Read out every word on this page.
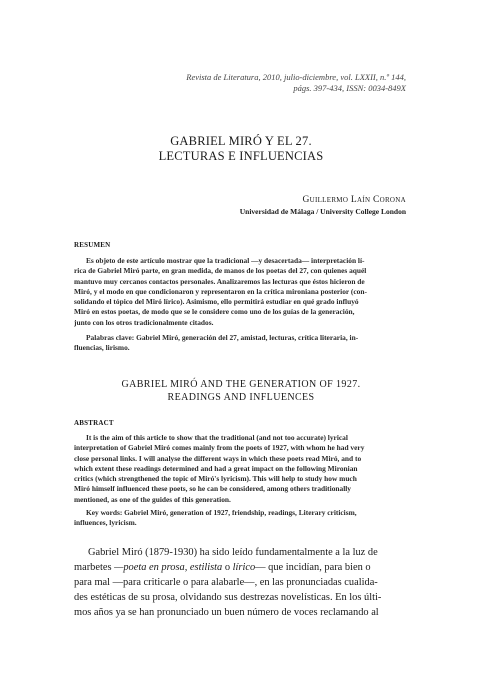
Revista de Literatura, 2010, julio-diciembre, vol. LXXII, n.º 144,
págs. 397-434, ISSN: 0034-849X
GABRIEL MIRÓ Y EL 27.
LECTURAS E INFLUENCIAS
Guillermo Laín Corona
Universidad de Málaga / University College London
RESUMEN
Es objeto de este artículo mostrar que la tradicional —y desacertada— interpretación lí-
rica de Gabriel Miró parte, en gran medida, de manos de los poetas del 27, con quienes aquél
mantuvo muy cercanos contactos personales. Analizaremos las lecturas que éstos hicieron de
Miró, y el modo en que condicionaron y representaron en la crítica mironiana posterior (con-
solidando el tópico del Miró lírico). Asimismo, ello permitirá estudiar en qué grado influyó
Miró en estos poetas, de modo que se le considere como uno de los guías de la generación,
junto con los otros tradicionalmente citados.
Palabras clave: Gabriel Miró, generación del 27, amistad, lecturas, crítica literaria, in-
fluencias, lirismo.
GABRIEL MIRÓ AND THE GENERATION OF 1927.
READINGS AND INFLUENCES
ABSTRACT
It is the aim of this article to show that the traditional (and not too accurate) lyrical
interpretation of Gabriel Miró comes mainly from the poets of 1927, with whom he had very
close personal links. I will analyse the different ways in which these poets read Miró, and to
which extent these readings determined and had a great impact on the following Mironian
critics (which strengthened the topic of Miró's lyricism). This will help to study how much
Miró himself influenced these poets, so he can be considered, among others traditionally
mentioned, as one of the guides of this generation.
Key words: Gabriel Miró, generation of 1927, friendship, readings, Literary criticism,
influences, lyricism.
Gabriel Miró (1879-1930) ha sido leído fundamentalmente a la luz de
marbetes —poeta en prosa, estilista o lírico— que incidían, para bien o
para mal —para criticarle o para alabarle—, en las pronunciadas cualida-
des estéticas de su prosa, olvidando sus destrezas novelísticas. En los últi-
mos años ya se han pronunciado un buen número de voces reclamando al
